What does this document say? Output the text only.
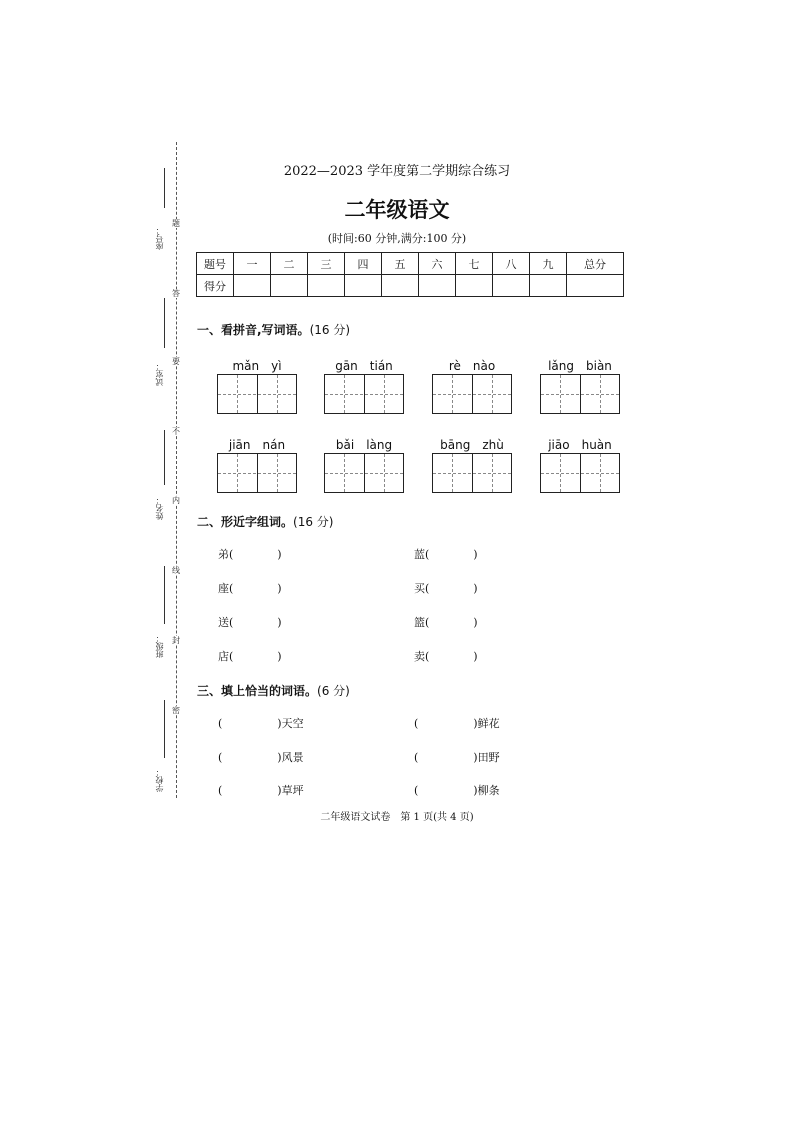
座号：
试室：
姓名：
班级：
学校：
题
答
要
不
内
线
封
密
2022—2023 学年度第二学期综合练习
二年级语文
(时间:60 分钟,满分:100 分)
题号	一	二	三	四	五	六	七	八	九	总分
得分										
一、看拼音,写词语。(16 分)
mǎn　yì	gān　tián	rè　nào	lǎng　biàn
jiān　nán	bǎi　làng	bāng　zhù	jiāo　huàn
二、形近字组词。(16 分)
弟(　　　　)	蓝(　　　　)
座(　　　　)	买(　　　　)
送(　　　　)	篮(　　　　)
店(　　　　)	卖(　　　　)
三、填上恰当的词语。(6 分)
(　　　　　)天空	(　　　　　)鲜花
(　　　　　)风景	(　　　　　)田野
(　　　　　)草坪	(　　　　　)柳条
二年级语文试卷　第 1 页(共 4 页)
